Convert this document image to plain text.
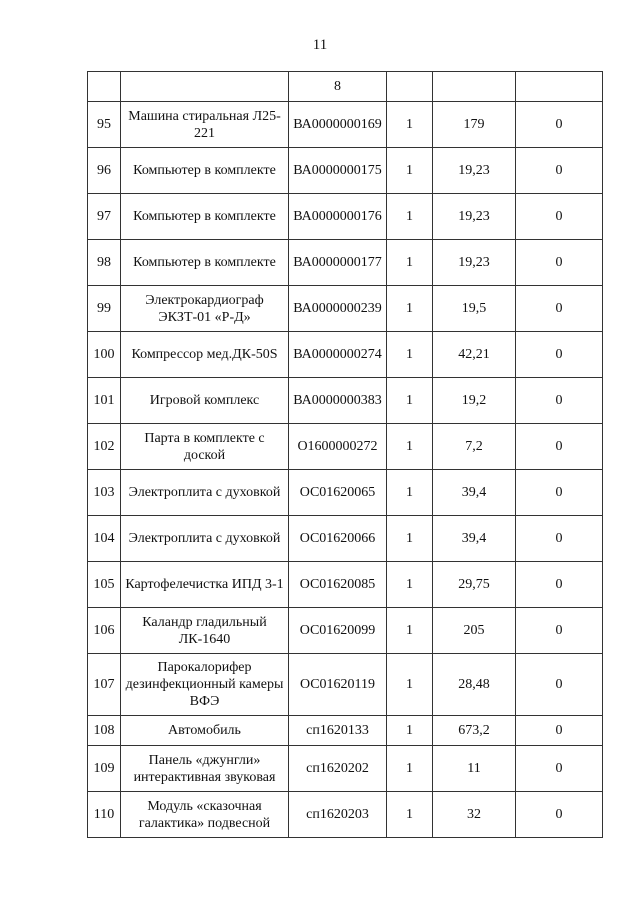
11
		8			
95	Машина стиральная Л25-221	ВА0000000169	1	179	0
96	Компьютер в комплекте	ВА0000000175	1	19,23	0
97	Компьютер в комплекте	ВА0000000176	1	19,23	0
98	Компьютер в комплекте	ВА0000000177	1	19,23	0
99	Электрокардиограф ЭКЗТ-01 «Р-Д»	ВА0000000239	1	19,5	0
100	Компрессор мед.ДК-50S	ВА0000000274	1	42,21	0
101	Игровой комплекс	ВА0000000383	1	19,2	0
102	Парта в комплекте с доской	О1600000272	1	7,2	0
103	Электроплита с духовкой	ОС01620065	1	39,4	0
104	Электроплита с духовкой	ОС01620066	1	39,4	0
105	Картофелечистка ИПД 3-1	ОС01620085	1	29,75	0
106	Каландр гладильный ЛК-1640	ОС01620099	1	205	0
107	Парокалорифер дезинфекционный камеры ВФЭ	ОС01620119	1	28,48	0
108	Автомобиль	сп1620133	1	673,2	0
109	Панель «джунгли» интерактивная звуковая	сп1620202	1	11	0
110	Модуль «сказочная галактика» подвесной	сп1620203	1	32	0
